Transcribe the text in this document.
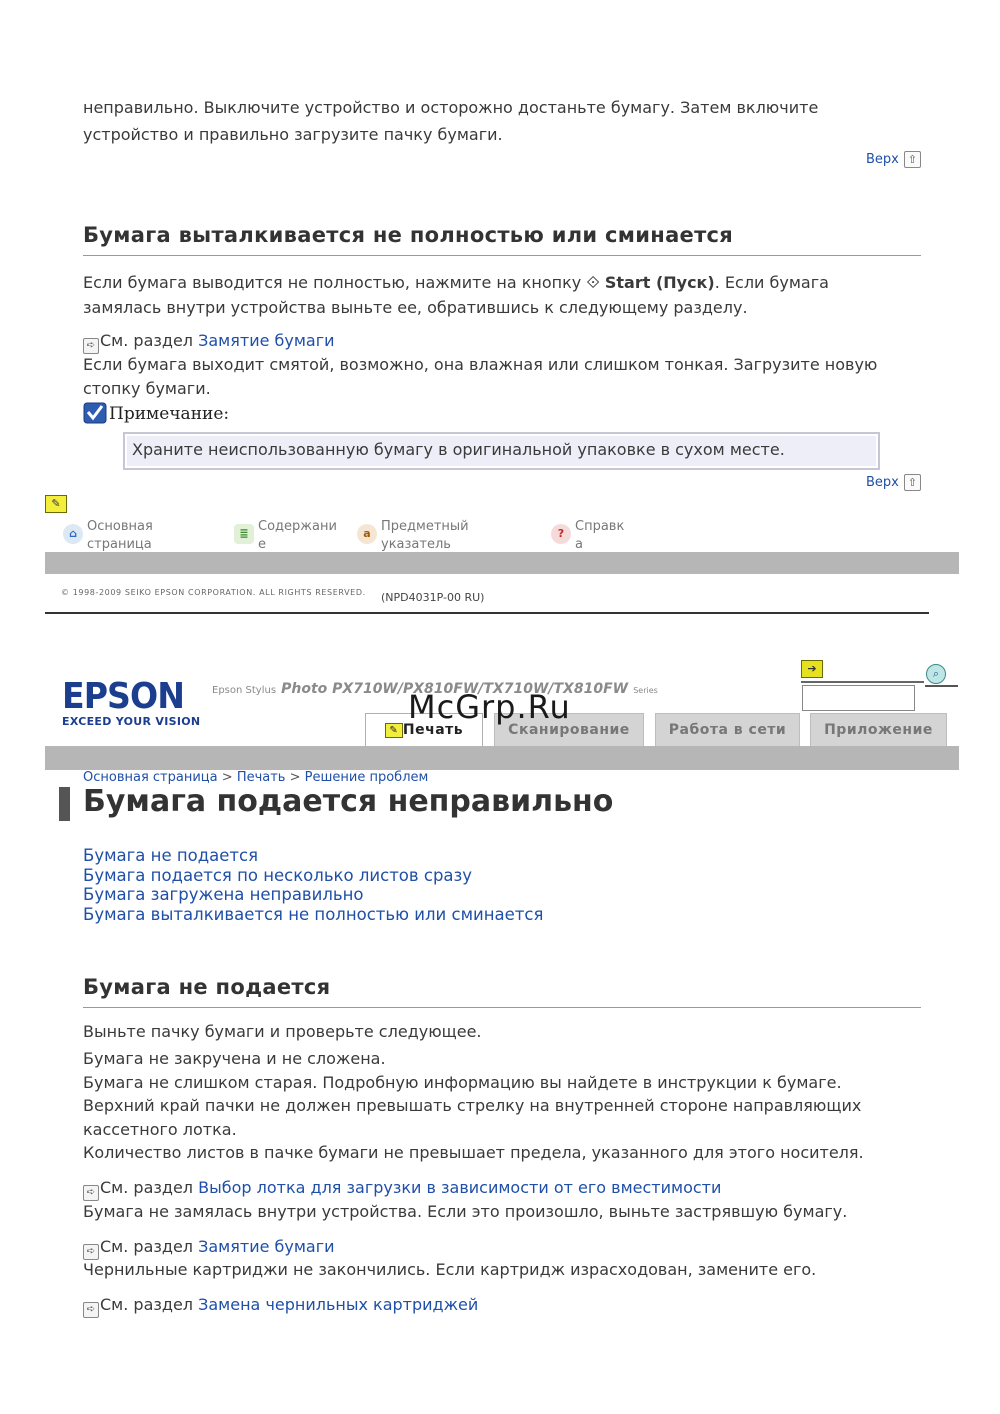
неправильно. Выключите устройство и осторожно достаньте бумагу. Затем включите
устройство и правильно загрузите пачку бумаги.
Верх ⇧
Бумага выталкивается не полностью или сминается
Если бумага выводится не полностью, нажмите на кнопку ⟐ Start (Пуск). Если бумага
замялась внутри устройства выньте ее, обратившись к следующему разделу.
➪ См. раздел Замятие бумаги
Если бумага выходит смятой, возможно, она влажная или слишком тонкая. Загрузите новую
стопку бумаги.
Примечание:
Храните неиспользованную бумагу в оригинальной упаковке в сухом месте.
Верх ⇧
✎
⌂ Основная
страница
≣ Содержани
е
a Предметный
указатель
? Справк
а
© 1998-2009 SEIKO EPSON CORPORATION. ALL RIGHTS RESERVED. (NPD4031P-00 RU)
EPSON
EXCEED YOUR VISION
Epson Stylus Photo PX710W/PX810FW/TX710W/TX810FW Series
➔	⌕
✎ Печать	Сканирование	Работа в сети	Приложение
McGrp.Ru
Основная страница > Печать > Решение проблем
Бумага подается неправильно
Бумага не подается
Бумага подается по несколько листов сразу
Бумага загружена неправильно
Бумага выталкивается не полностью или сминается
Бумага не подается
Выньте пачку бумаги и проверьте следующее.
Бумага не закручена и не сложена.
Бумага не слишком старая. Подробную информацию вы найдете в инструкции к бумаге.
Верхний край пачки не должен превышать стрелку на внутренней стороне направляющих
кассетного лотка.
Количество листов в пачке бумаги не превышает предела, указанного для этого носителя.
➪ См. раздел Выбор лотка для загрузки в зависимости от его вместимости
Бумага не замялась внутри устройства. Если это произошло, выньте застрявшую бумагу.
➪ См. раздел Замятие бумаги
Чернильные картриджи не закончились. Если картридж израсходован, замените его.
➪ См. раздел Замена чернильных картриджей
